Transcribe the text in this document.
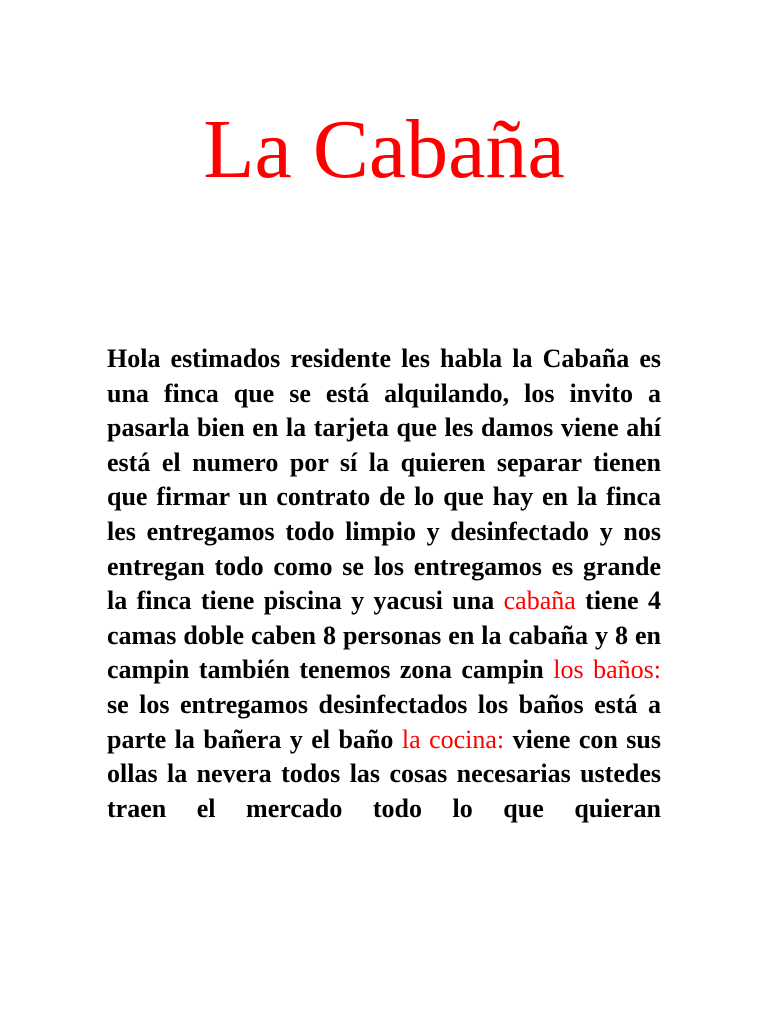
La Cabaña

Hola estimados residente les habla la Cabaña es una finca que se está alquilando, los invito a pasarla bien en la tarjeta que les damos viene ahí está el numero por sí la quieren separar tienen que firmar un contrato de lo que hay en la finca les entregamos todo limpio y desinfectado y nos entregan todo como se los entregamos es grande la finca tiene piscina y yacusi una cabaña tiene 4 camas doble caben 8 personas en la cabaña y 8 en campin también tenemos zona campin los baños: se los entregamos desinfectados los baños está a parte la bañera y el baño la cocina: viene con sus ollas la nevera todos las cosas necesarias ustedes traen el mercado todo lo que quieran
